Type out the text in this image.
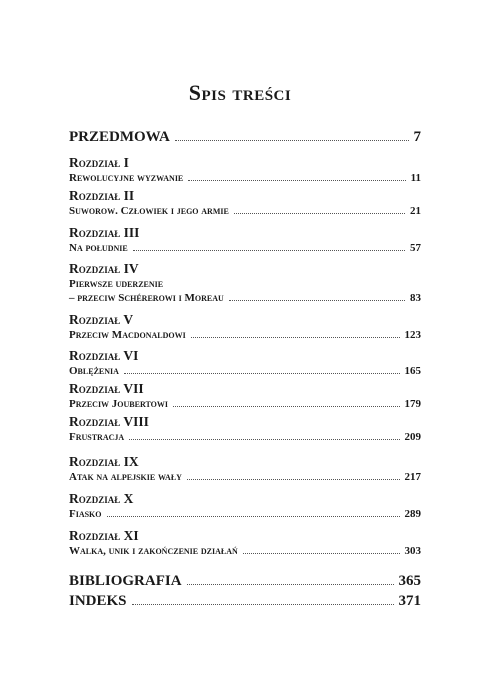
Spis treści
PRZEDMOWA	7
Rozdział I
Rewolucyjne wyzwanie	11
Rozdział II
Suworow. Człowiek i jego armie	21
Rozdział III
Na południe	57
Rozdział IV
Pierwsze uderzenie
– przeciw Schérerowi i Moreau	83
Rozdział V
Przeciw Macdonaldowi	123
Rozdział VI
Oblężenia	165
Rozdział VII
Przeciw Joubertowi	179
Rozdział VIII
Frustracja	209
Rozdział IX
Atak na alpejskie wały	217
Rozdział X
Fiasko	289
Rozdział XI
Walka, unik i zakończenie działań	303
BIBLIOGRAFIA	365
INDEKS	371
